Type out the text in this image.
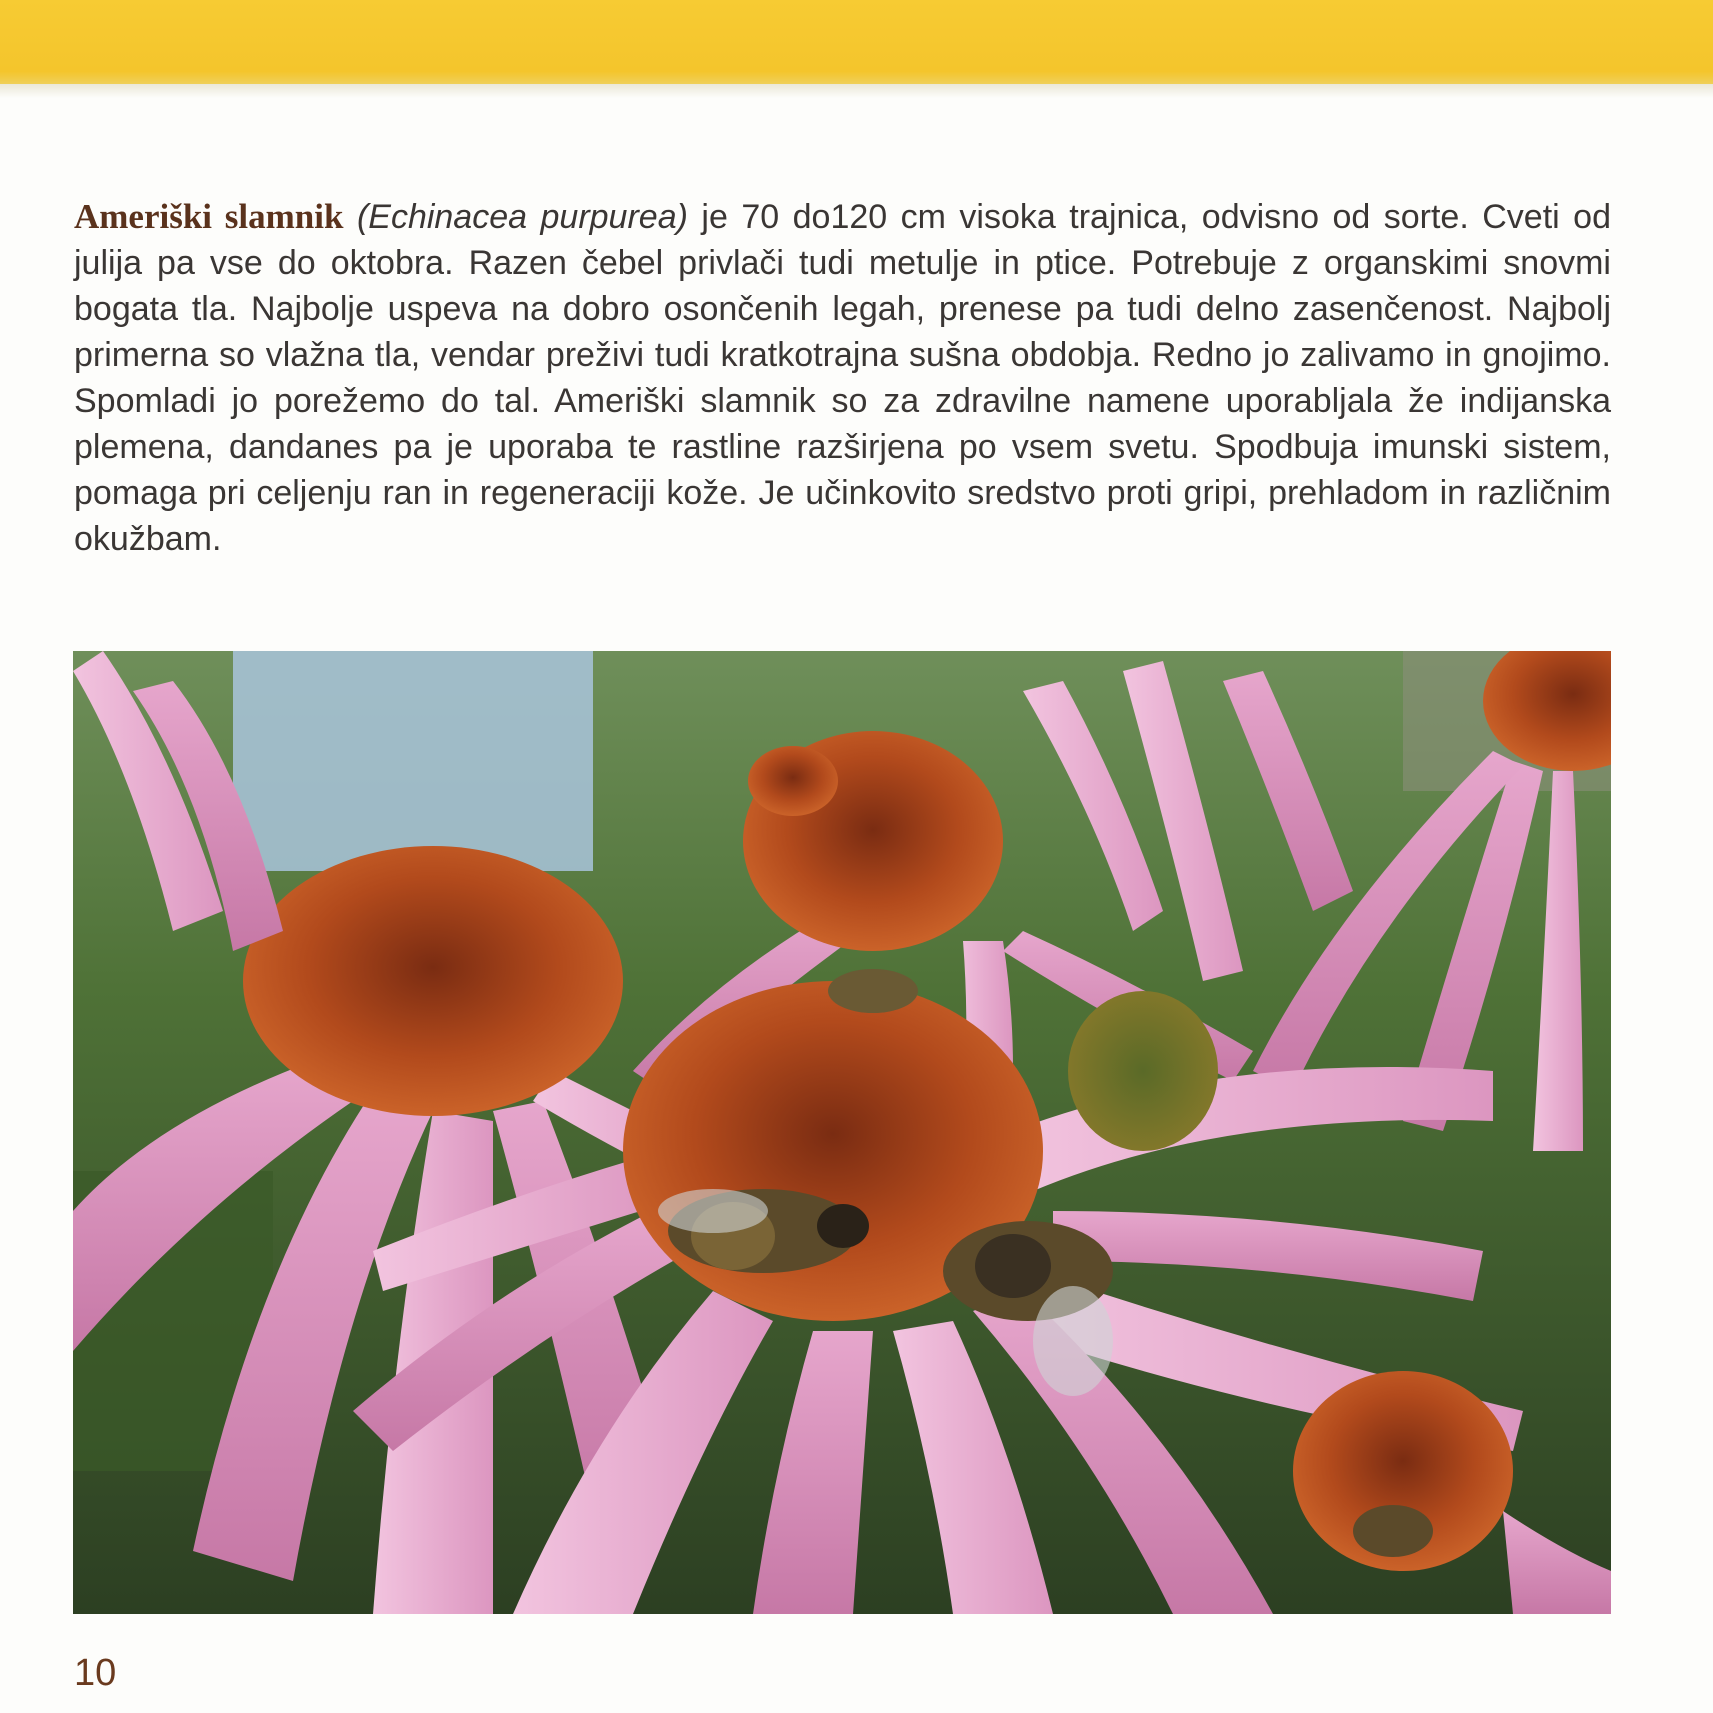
Ameriški slamnik (Echinacea purpurea) je 70 do120 cm visoka trajnica, odvisno od sorte. Cveti od julija pa vse do oktobra. Razen čebel privlači tudi metulje in ptice. Potrebuje z organskimi snovmi bogata tla. Najbolje uspeva na dobro osončenih legah, prenese pa tudi delno zasenčenost. Najbolj primerna so vlažna tla, vendar preživi tudi kratkotrajna sušna obdobja. Redno jo zalivamo in gnojimo. Spomladi jo porežemo do tal. Ameriški slamnik so za zdravilne namene uporabljala že indijanska plemena, dandanes pa je uporaba te rastline razširjena po vsem svetu. Spodbuja imunski sistem, pomaga pri celjenju ran in regeneraciji kože. Je učinkovito sredstvo proti gripi, prehladom in različnim okužbam.

10
